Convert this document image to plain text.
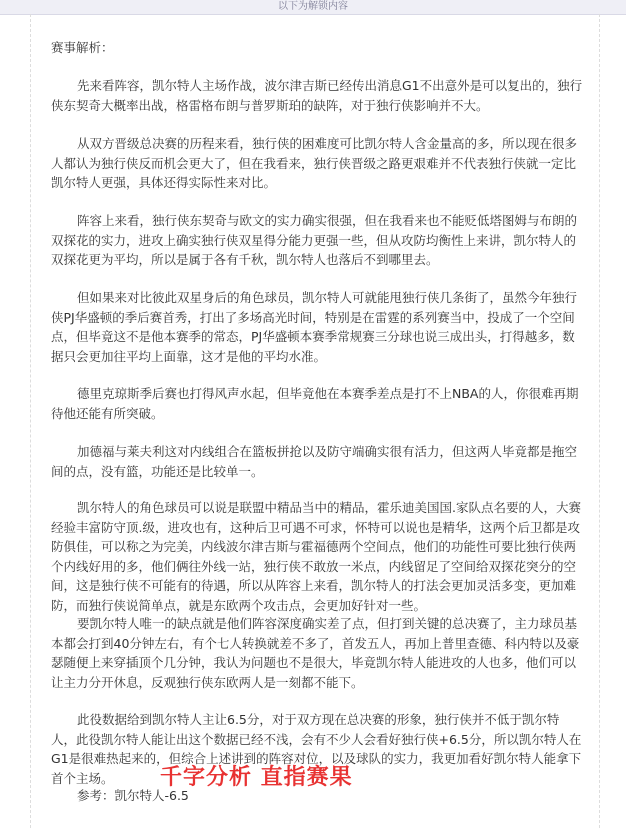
以下为解锁内容

赛事解析：

先来看阵容，凯尔特人主场作战，波尔津吉斯已经传出消息G1不出意外是可以复出的，独行侠东契奇大概率出战，格雷格布朗与普罗斯珀的缺阵，对于独行侠影响并不大。

从双方晋级总决赛的历程来看，独行侠的困难度可比凯尔特人含金量高的多，所以现在很多人都认为独行侠反而机会更大了，但在我看来，独行侠晋级之路更艰难并不代表独行侠就一定比凯尔特人更强，具体还得实际性来对比。

阵容上来看，独行侠东契奇与欧文的实力确实很强，但在我看来也不能贬低塔图姆与布朗的双探花的实力，进攻上确实独行侠双星得分能力更强一些，但从攻防均衡性上来讲，凯尔特人的双探花更为平均，所以是属于各有千秋，凯尔特人也落后不到哪里去。

但如果来对比彼此双星身后的角色球员，凯尔特人可就能甩独行侠几条街了，虽然今年独行侠PJ华盛顿的季后赛首秀，打出了多场高光时间，特别是在雷霆的系列赛当中，投成了一个空间点，但毕竟这不是他本赛季的常态，PJ华盛顿本赛季常规赛三分球也说三成出头，打得越多，数据只会更加往平均上面靠，这才是他的平均水准。

德里克琼斯季后赛也打得风声水起，但毕竟他在本赛季差点是打不上NBA的人，你很难再期待他还能有所突破。

加德福与莱夫利这对内线组合在篮板拼抢以及防守端确实很有活力，但这两人毕竟都是拖空间的点，没有篮，功能还是比较单一。

凯尔特人的角色球员可以说是联盟中精品当中的精品，霍乐迪美国国.家队点名要的人，大赛经验丰富防守顶.级，进攻也有，这种后卫可遇不可求，怀特可以说也是精华，这两个后卫都是攻防俱佳，可以称之为完美，内线波尔津吉斯与霍福德两个空间点，他们的功能性可要比独行侠两个内线好用的多，他们俩往外线一站，独行侠不敢放一米点，内线留足了空间给双探花突分的空间，这是独行侠不可能有的待遇，所以从阵容上来看，凯尔特人的打法会更加灵活多变，更加难防，而独行侠说简单点，就是东欧两个攻击点，会更加好针对一些。

要凯尔特人唯一的缺点就是他们阵容深度确实差了点，但打到关键的总决赛了，主力球员基本都会打到40分钟左右，有个七人转换就差不多了，首发五人，再加上普里查德、科内特以及豪瑟随便上来穿插顶个几分钟，我认为问题也不是很大，毕竟凯尔特人能进攻的人也多，他们可以让主力分开休息，反观独行侠东欧两人是一刻都不能下。

此役数据给到凯尔特人主让6.5分，对于双方现在总决赛的形象，独行侠并不低于凯尔特人，此役凯尔特人能让出这个数据已经不浅，会有不少人会看好独行侠+6.5分，所以凯尔特人在G1是很难热起来的，但综合上述讲到的阵容对位，以及球队的实力，我更加看好凯尔特人能拿下首个主场。

参考：凯尔特人-6.5

千字分析 直指赛果
